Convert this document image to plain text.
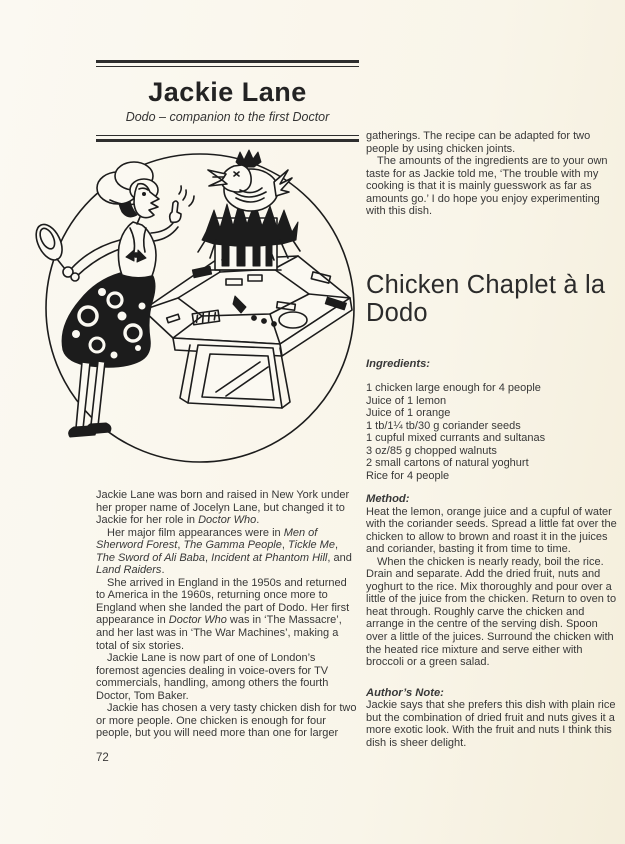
Jackie Lane
Dodo – companion to the first Doctor

Jackie Lane was born and raised in New York under her proper name of Jocelyn Lane, but changed it to Jackie for her role in Doctor Who.

Her major film appearances were in Men of Sherword Forest, The Gamma People, Tickle Me, The Sword of Ali Baba, Incident at Phantom Hill, and Land Raiders.

She arrived in England in the 1950s and returned to America in the 1960s, returning once more to England when she landed the part of Dodo. Her first appearance in Doctor Who was in ‘The Massacre’, and her last was in ‘The War Machines’, making a total of six stories.

Jackie Lane is now part of one of London’s foremost agencies dealing in voice-overs for TV commercials, handling, among others the fourth Doctor, Tom Baker.

Jackie has chosen a very tasty chicken dish for two or more people. One chicken is enough for four people, but you will need more than one for larger

72

gatherings. The recipe can be adapted for two people by using chicken joints.

The amounts of the ingredients are to your own taste for as Jackie told me, ‘The trouble with my cooking is that it is mainly guesswork as far as amounts go.’ I do hope you enjoy experimenting with this dish.

Chicken Chaplet à la Dodo
Ingredients:
1 chicken large enough for 4 people
Juice of 1 lemon
Juice of 1 orange
1 tb/1¼ tb/30 g coriander seeds
1 cupful mixed currants and sultanas
3 oz/85 g chopped walnuts
2 small cartons of natural yoghurt
Rice for 4 people
Method:

Heat the lemon, orange juice and a cupful of water with the coriander seeds. Spread a little fat over the chicken to allow to brown and roast it in the juices and coriander, basting it from time to time.

When the chicken is nearly ready, boil the rice. Drain and separate. Add the dried fruit, nuts and yoghurt to the rice. Mix thoroughly and pour over a little of the juice from the chicken. Return to oven to heat through. Roughly carve the chicken and arrange in the centre of the serving dish. Spoon over a little of the juices. Surround the chicken with the heated rice mixture and serve either with broccoli or a green salad.

Author’s Note:

Jackie says that she prefers this dish with plain rice but the combination of dried fruit and nuts gives it a more exotic look. With the fruit and nuts I think this dish is sheer delight.
